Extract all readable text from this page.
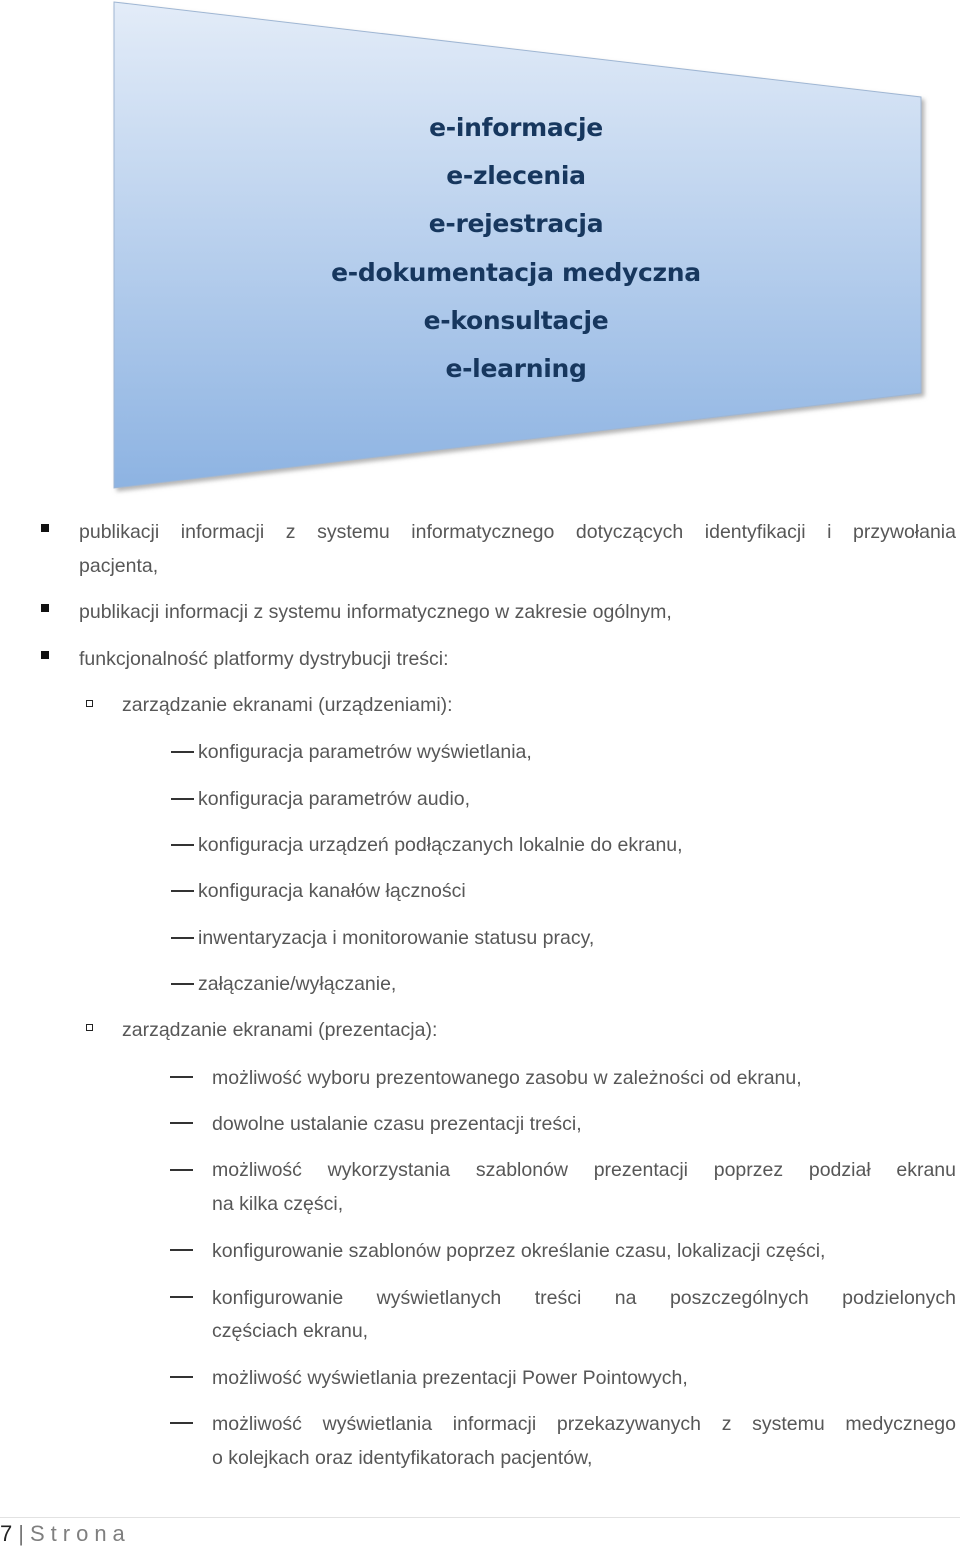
e-informacje
e-zlecenia
e-rejestracja
e-dokumentacja medyczna
e-konsultacje
e-learning
publikacji informacji z systemu informatycznego dotyczących identyfikacji i przywołania
pacjenta,
publikacji informacji z systemu informatycznego w zakresie ogólnym,
funkcjonalność platformy dystrybucji treści:
zarządzanie ekranami (urządzeniami):
konfiguracja parametrów wyświetlania,
konfiguracja parametrów audio,
konfiguracja urządzeń podłączanych lokalnie do ekranu,
konfiguracja kanałów łączności
inwentaryzacja i monitorowanie statusu pracy,
załączanie/wyłączanie,
zarządzanie ekranami (prezentacja):
możliwość wyboru prezentowanego zasobu w zależności od ekranu,
dowolne ustalanie czasu prezentacji treści,
możliwość wykorzystania szablonów prezentacji poprzez podział ekranu
na kilka części,
konfigurowanie szablonów poprzez określanie czasu, lokalizacji części,
konfigurowanie wyświetlanych treści na poszczególnych podzielonych
częściach ekranu,
możliwość wyświetlania prezentacji Power Pointowych,
możliwość wyświetlania informacji przekazywanych z systemu medycznego
o kolejkach oraz identyfikatorach pacjentów,
7 | Strona
